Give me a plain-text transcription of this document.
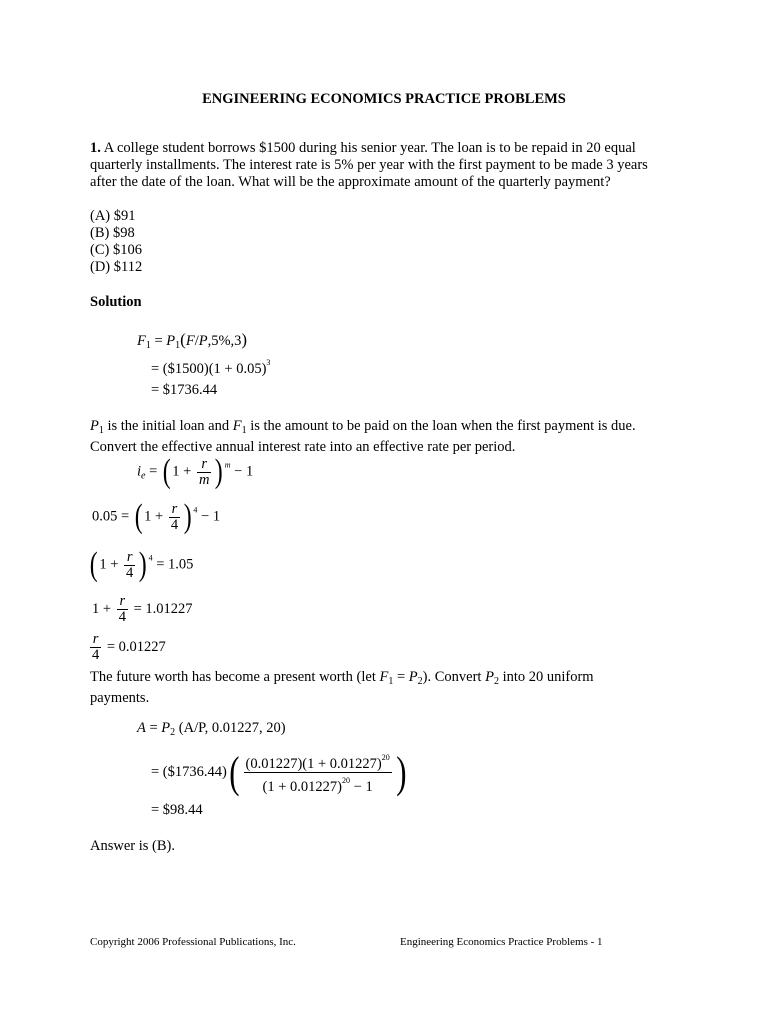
ENGINEERING ECONOMICS PRACTICE PROBLEMS
1. A college student borrows $1500 during his senior year. The loan is to be repaid in 20 equal
quarterly installments. The interest rate is 5% per year with the first payment to be made 3 years
after the date of the loan. What will be the approximate amount of the quarterly payment?
(A) $91
(B) $98
(C) $106
(D) $112
Solution
$F_1 = P_1(F/P,5\%,3)$
= ($1500)(1 + 0.05)$^3$
= $1736.44
$P_1$ is the initial loan and $F_1$ is the amount to be paid on the loan when the first payment is due.
Convert the effective annual interest rate into an effective rate per period.
$i_e$ = ( $1 + \frac{r}{m}$ ) $^m$ − 1
0.05 = ( $1 + \frac{r}{4}$ ) $^4$ − 1
( $1 + \frac{r}{4}$ ) $^4$ = 1.05
$1 + \frac{r}{4} = 1.01227$
$\frac{r}{4} = 0.01227$
The future worth has become a present worth (let $F_1 = P_2$). Convert $P_2$ into 20 uniform
payments.
$A = P_2$ (A/P, 0.01227, 20)
= ($1736.44)( $\frac{(0.01227)(1 + 0.01227)^{20}}{(1 + 0.01227)^{20} - 1}$ )
= $98.44
Answer is (B).
Copyright 2006 Professional Publications, Inc.	Engineering Economics Practice Problems - 1
